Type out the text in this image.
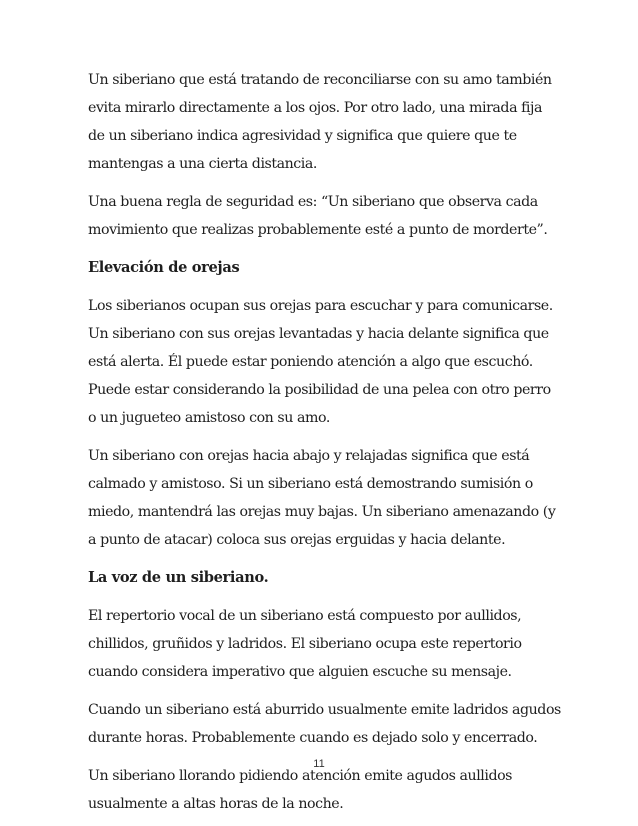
Un siberiano que está tratando de reconciliarse con su amo también evita mirarlo directamente a los ojos. Por otro lado, una mirada fija de un siberiano indica agresividad y significa que quiere que te mantengas a una cierta distancia.

Una buena regla de seguridad es: “Un siberiano que observa cada movimiento que realizas probablemente esté a punto de morderte”.

Elevación de orejas

Los siberianos ocupan sus orejas para escuchar y para comunicarse. Un siberiano con sus orejas levantadas y hacia delante significa que está alerta. Él puede estar poniendo atención a algo que escuchó. Puede estar considerando la posibilidad de una pelea con otro perro o un jugueteo amistoso con su amo.

Un siberiano con orejas hacia abajo y relajadas significa que está calmado y amistoso. Si un siberiano está demostrando sumisión o miedo, mantendrá las orejas muy bajas. Un siberiano amenazando (y a punto de atacar) coloca sus orejas erguidas y hacia delante.

La voz de un siberiano.

El repertorio vocal de un siberiano está compuesto por aullidos, chillidos, gruñidos y ladridos. El siberiano ocupa este repertorio cuando considera imperativo que alguien escuche su mensaje.

Cuando un siberiano está aburrido usualmente emite ladridos agudos durante horas. Probablemente cuando es dejado solo y encerrado.

Un siberiano llorando pidiendo atención emite agudos aullidos usualmente a altas horas de la noche.

11
